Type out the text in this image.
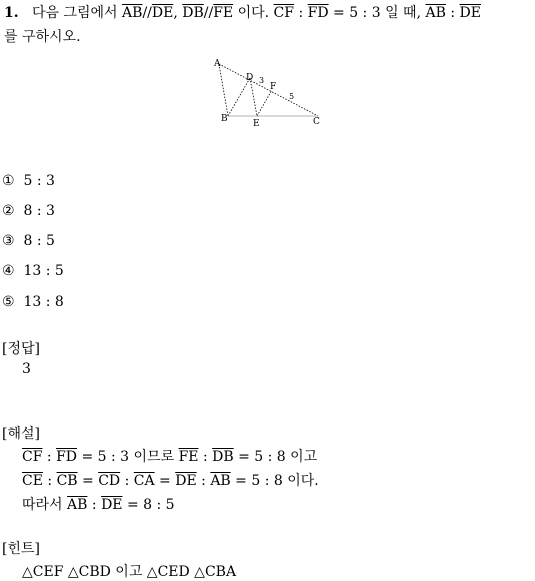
1. 다음 그림에서 $\overline{AB}//\overline{DE}$, $\overline{DB}//\overline{FE}$ 이다. $\overline{CF}$ : $\overline{FD} = 5$ : 3 일 때, $\overline{AB}$ : $\overline{DE}$
를 구하시오.
A
B	C
D
E
F
3
5
① 5 : 3
② 8 : 3
③ 8 : 5
④ 13 : 5
⑤ 13 : 8
[정답]
3
[해설]
$\overline{CF}$ : $\overline{FD} = 5$ : 3 이므로 $\overline{FE}$ : $\overline{DB} = 5$ : 8 이고
$\overline{CE}$ : $\overline{CB} = \overline{CD}$ : $\overline{CA} = \overline{DE}$ : $\overline{AB} = 5$ : 8 이다.
따라서 $\overline{AB}$ : $\overline{DE} = 8$ : 5
[힌트]
△CEF △CBD 이고 △CED △CBA
